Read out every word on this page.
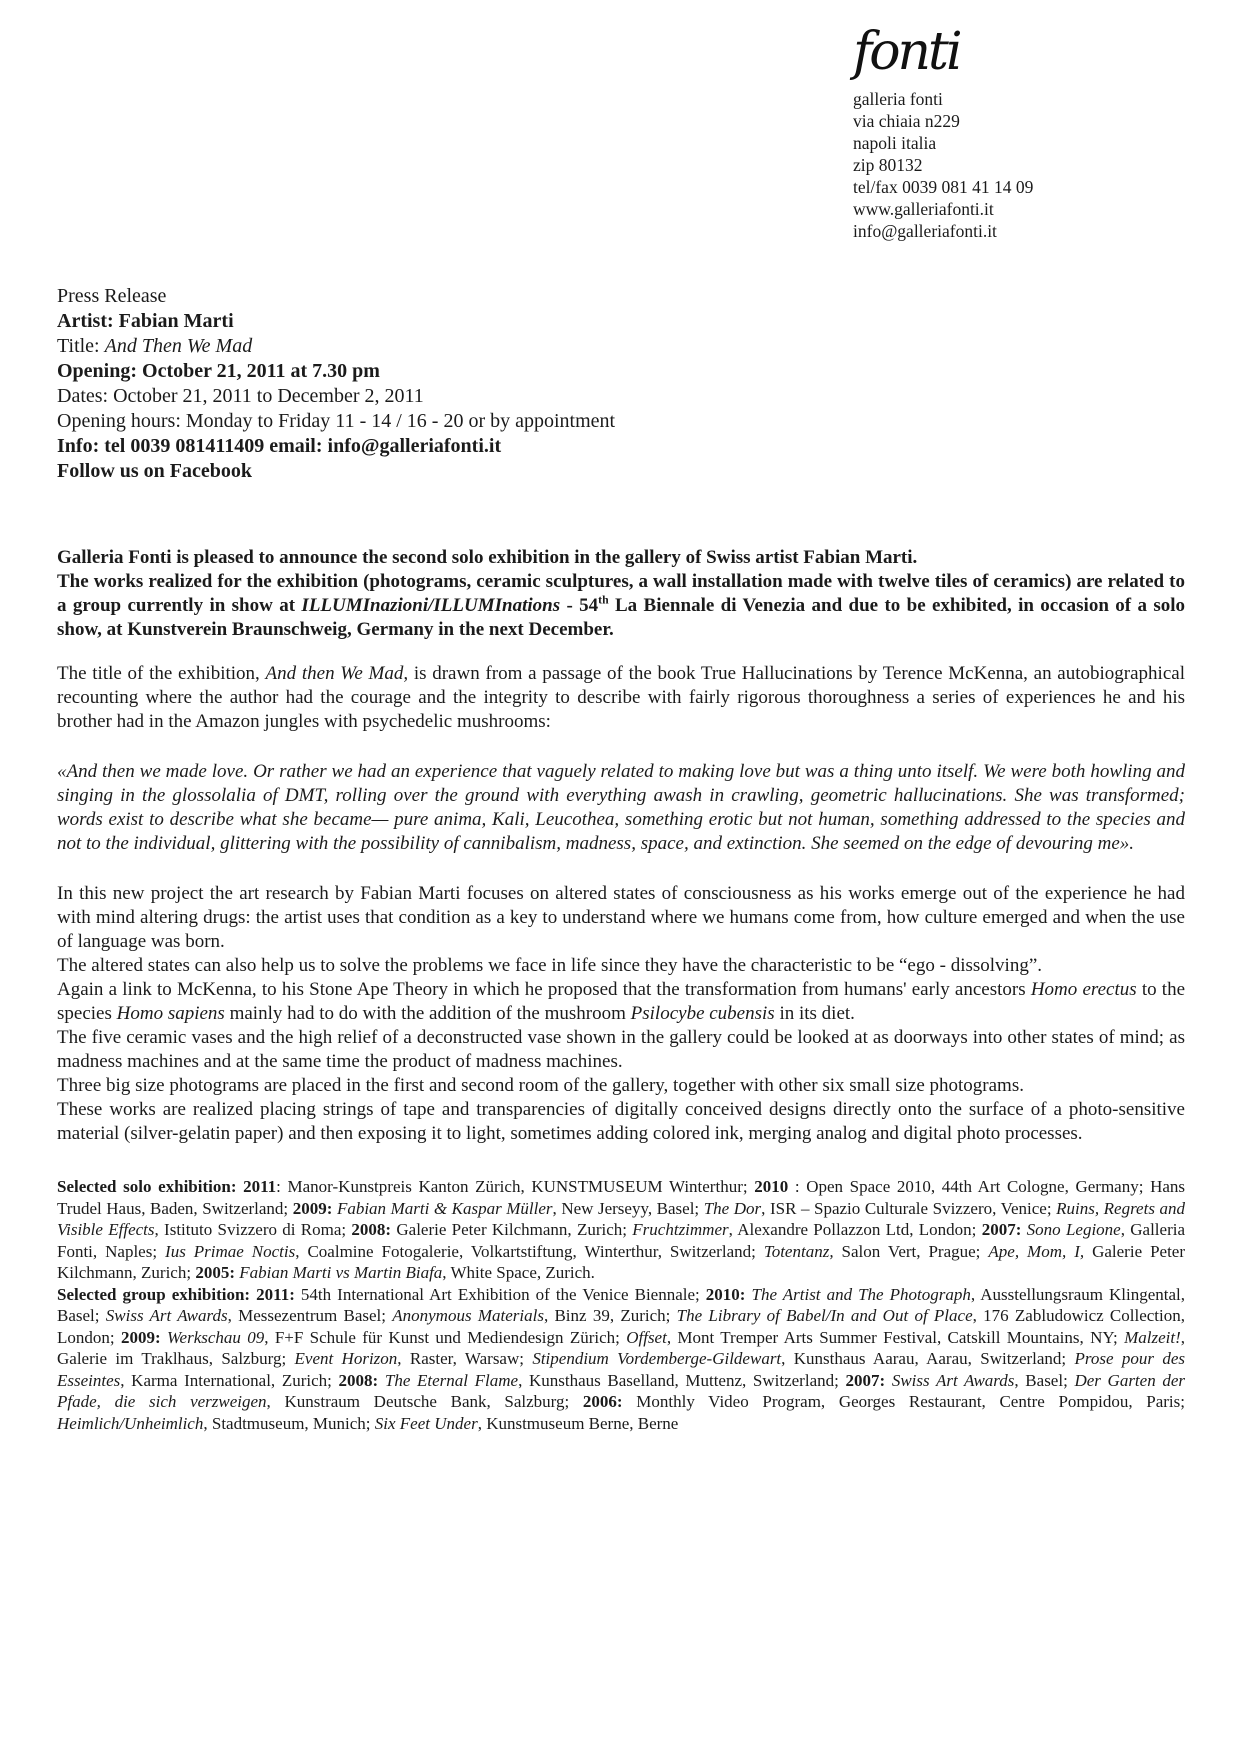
fonti
galleria fonti
via chiaia n229
napoli italia
zip 80132
tel/fax 0039 081 41 14 09
www.galleriafonti.it
info@galleriafonti.it
Press Release
Artist: Fabian Marti
Title: And Then We Mad
Opening: October 21, 2011 at 7.30 pm
Dates: October 21, 2011 to December 2, 2011
Opening hours: Monday to Friday 11 - 14 / 16 - 20 or by appointment
Info: tel 0039 081411409 email: info@galleriafonti.it
Follow us on Facebook
Galleria Fonti is pleased to announce the second solo exhibition in the gallery of Swiss artist Fabian Marti.
The works realized for the exhibition (photograms, ceramic sculptures, a wall installation made with twelve tiles of ceramics) are related to a group currently in show at ILLUMInazioni/ILLUMInations - 54th La Biennale di Venezia and due to be exhibited, in occasion of a solo show, at Kunstverein Braunschweig, Germany in the next December.
The title of the exhibition, And then We Mad, is drawn from a passage of the book True Hallucinations by Terence McKenna, an autobiographical recounting where the author had the courage and the integrity to describe with fairly rigorous thoroughness a series of experiences he and his brother had in the Amazon jungles with psychedelic mushrooms:
«And then we made love. Or rather we had an experience that vaguely related to making love but was a thing unto itself. We were both howling and singing in the glossolalia of DMT, rolling over the ground with everything awash in crawling, geometric hallucinations. She was transformed; words exist to describe what she became— pure anima, Kali, Leucothea, something erotic but not human, something addressed to the species and not to the individual, glittering with the possibility of cannibalism, madness, space, and extinction. She seemed on the edge of devouring me».
In this new project the art research by Fabian Marti focuses on altered states of consciousness as his works emerge out of the experience he had with mind altering drugs: the artist uses that condition as a key to understand where we humans come from, how culture emerged and when the use of language was born.
The altered states can also help us to solve the problems we face in life since they have the characteristic to be “ego - dissolving”.
Again a link to McKenna, to his Stone Ape Theory in which he proposed that the transformation from humans' early ancestors Homo erectus to the species Homo sapiens mainly had to do with the addition of the mushroom Psilocybe cubensis in its diet.
The five ceramic vases and the high relief of a deconstructed vase shown in the gallery could be looked at as doorways into other states of mind; as madness machines and at the same time the product of madness machines.
Three big size photograms are placed in the first and second room of the gallery, together with other six small size photograms.
These works are realized placing strings of tape and transparencies of digitally conceived designs directly onto the surface of a photo-sensitive material (silver-gelatin paper) and then exposing it to light, sometimes adding colored ink, merging analog and digital photo processes.
Selected solo exhibition: 2011: Manor-Kunstpreis Kanton Zürich, KUNSTMUSEUM Winterthur; 2010 : Open Space 2010, 44th Art Cologne, Germany; Hans Trudel Haus, Baden, Switzerland; 2009: Fabian Marti & Kaspar Müller, New Jerseyy, Basel; The Dor, ISR – Spazio Culturale Svizzero, Venice; Ruins, Regrets and Visible Effects, Istituto Svizzero di Roma; 2008: Galerie Peter Kilchmann, Zurich; Fruchtzimmer, Alexandre Pollazzon Ltd, London; 2007: Sono Legione, Galleria Fonti, Naples; Ius Primae Noctis, Coalmine Fotogalerie, Volkartstiftung, Winterthur, Switzerland; Totentanz, Salon Vert, Prague; Ape, Mom, I, Galerie Peter Kilchmann, Zurich; 2005: Fabian Marti vs Martin Biafa, White Space, Zurich.
Selected group exhibition: 2011: 54th International Art Exhibition of the Venice Biennale; 2010: The Artist and The Photograph, Ausstellungsraum Klingental, Basel; Swiss Art Awards, Messezentrum Basel; Anonymous Materials, Binz 39, Zurich; The Library of Babel/In and Out of Place, 176 Zabludowicz Collection, London; 2009: Werkschau 09, F+F Schule für Kunst und Mediendesign Zürich; Offset, Mont Tremper Arts Summer Festival, Catskill Mountains, NY; Malzeit!, Galerie im Traklhaus, Salzburg; Event Horizon, Raster, Warsaw; Stipendium Vordemberge-Gildewart, Kunsthaus Aarau, Aarau, Switzerland; Prose pour des Esseintes, Karma International, Zurich; 2008: The Eternal Flame, Kunsthaus Baselland, Muttenz, Switzerland; 2007: Swiss Art Awards, Basel; Der Garten der Pfade, die sich verzweigen, Kunstraum Deutsche Bank, Salzburg; 2006: Monthly Video Program, Georges Restaurant, Centre Pompidou, Paris; Heimlich/Unheimlich, Stadtmuseum, Munich; Six Feet Under, Kunstmuseum Berne, Berne
